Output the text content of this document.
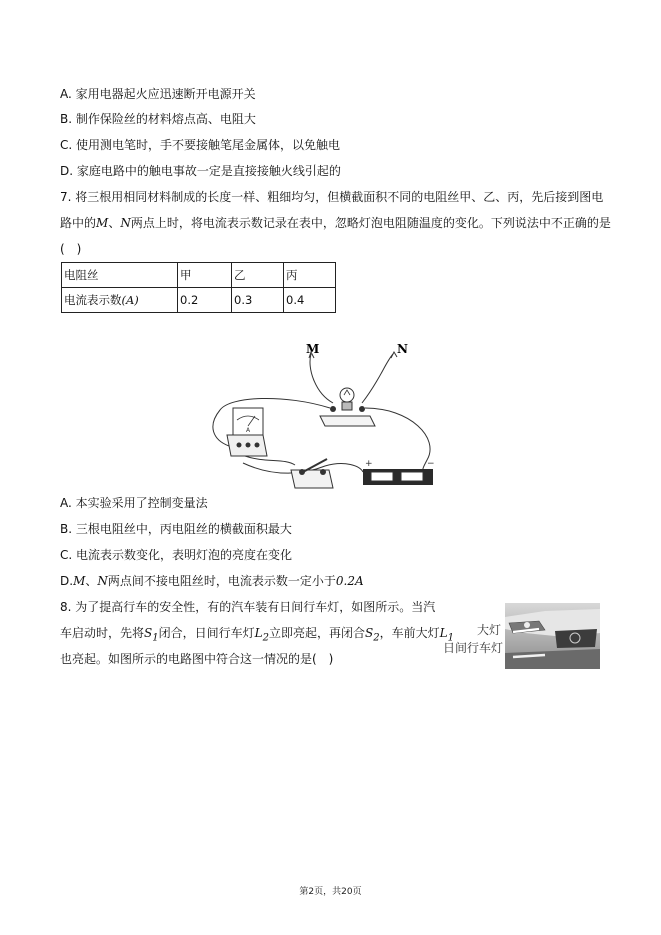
A. 家用电器起火应迅速断开电源开关
B. 制作保险丝的材料熔点高、电阻大
C. 使用测电笔时，手不要接触笔尾金属体，以免触电
D. 家庭电路中的触电事故一定是直接接触火线引起的
7. 将三根用相同材料制成的长度一样、粗细均匀，但横截面积不同的电阻丝甲、乙、丙，先后接到图电
路中的M、N两点上时，将电流表示数记录在表中，忽略灯泡电阻随温度的变化。下列说法中不正确的是
(　)
电阻丝	甲	乙	丙
电流表示数(A)	0.2	0.3	0.4
M	N
A
+	−
A. 本实验采用了控制变量法
B. 三根电阻丝中，丙电阻丝的横截面积最大
C. 电流表示数变化，表明灯泡的亮度在变化
D.M、N两点间不接电阻丝时，电流表示数一定小于0.2A
8. 为了提高行车的安全性，有的汽车装有日间行车灯，如图所示。当汽
车启动时，先将$S_1$闭合，日间行车灯$L_2$立即亮起，再闭合$S_2$，车前大灯$L_1$
也亮起。如图所示的电路图中符合这一情况的是(　)
大灯
日间行车灯
第2页，共20页
